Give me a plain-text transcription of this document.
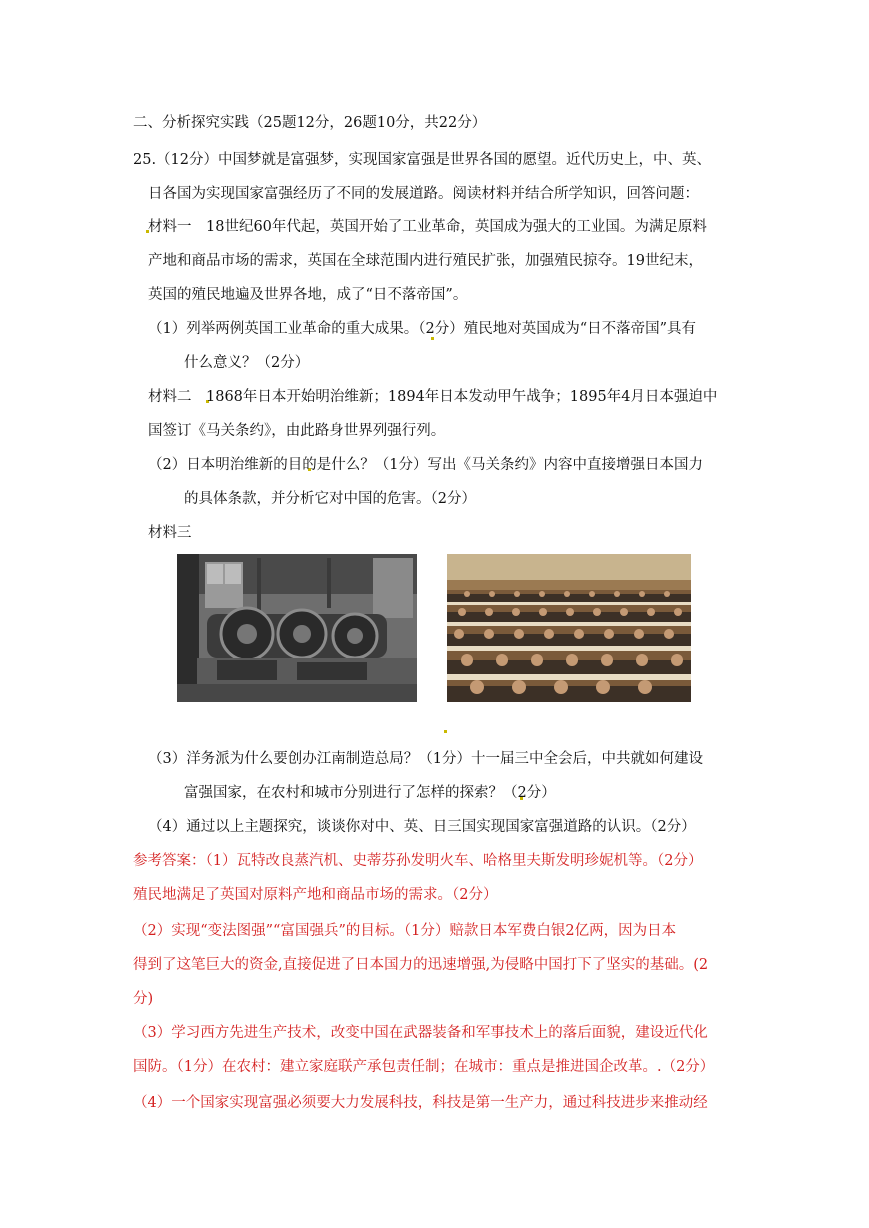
二、分析探究实践（25题12分，26题10分，共22分）
25.（12分）中国梦就是富强梦，实现国家富强是世界各国的愿望。近代历史上，中、英、
日各国为实现国家富强经历了不同的发展道路。阅读材料并结合所学知识，回答问题：
材料一　18世纪60年代起，英国开始了工业革命，英国成为强大的工业国。为满足原料
产地和商品市场的需求，英国在全球范围内进行殖民扩张，加强殖民掠夺。19世纪末，
英国的殖民地遍及世界各地，成了“日不落帝国”。
（1）列举两例英国工业革命的重大成果。（2分）殖民地对英国成为“日不落帝国”具有
什么意义？（2分）
材料二　1868年日本开始明治维新；1894年日本发动甲午战争；1895年4月日本强迫中
国签订《马关条约》，由此路身世界列强行列。
（2）日本明治维新的目的是什么？（1分）写出《马关条约》内容中直接增强日本国力
的具体条款，并分析它对中国的危害。（2分）
材料三
（3）洋务派为什么要创办江南制造总局？（1分）十一届三中全会后，中共就如何建设
富强国家，在农村和城市分别进行了怎样的探索？（2分）
（4）通过以上主题探究，谈谈你对中、英、日三国实现国家富强道路的认识。（2分）
参考答案：（1）瓦特改良蒸汽机、史蒂芬孙发明火车、哈格里夫斯发明珍妮机等。（2分）
殖民地满足了英国对原料产地和商品市场的需求。（2分）
（2）实现“变法图强”“富国强兵”的目标。（1分）赔款日本军费白银2亿两，因为日本
得到了这笔巨大的资金,直接促进了日本国力的迅速增强,为侵略中国打下了坚实的基础。(2
分)
（3）学习西方先进生产技术，改变中国在武器装备和军事技术上的落后面貌，建设近代化
国防。（1分）在农村：建立家庭联产承包责任制；在城市：重点是推进国企改革。.（2分）
（4）一个国家实现富强必须要大力发展科技，科技是第一生产力，通过科技进步来推动经
